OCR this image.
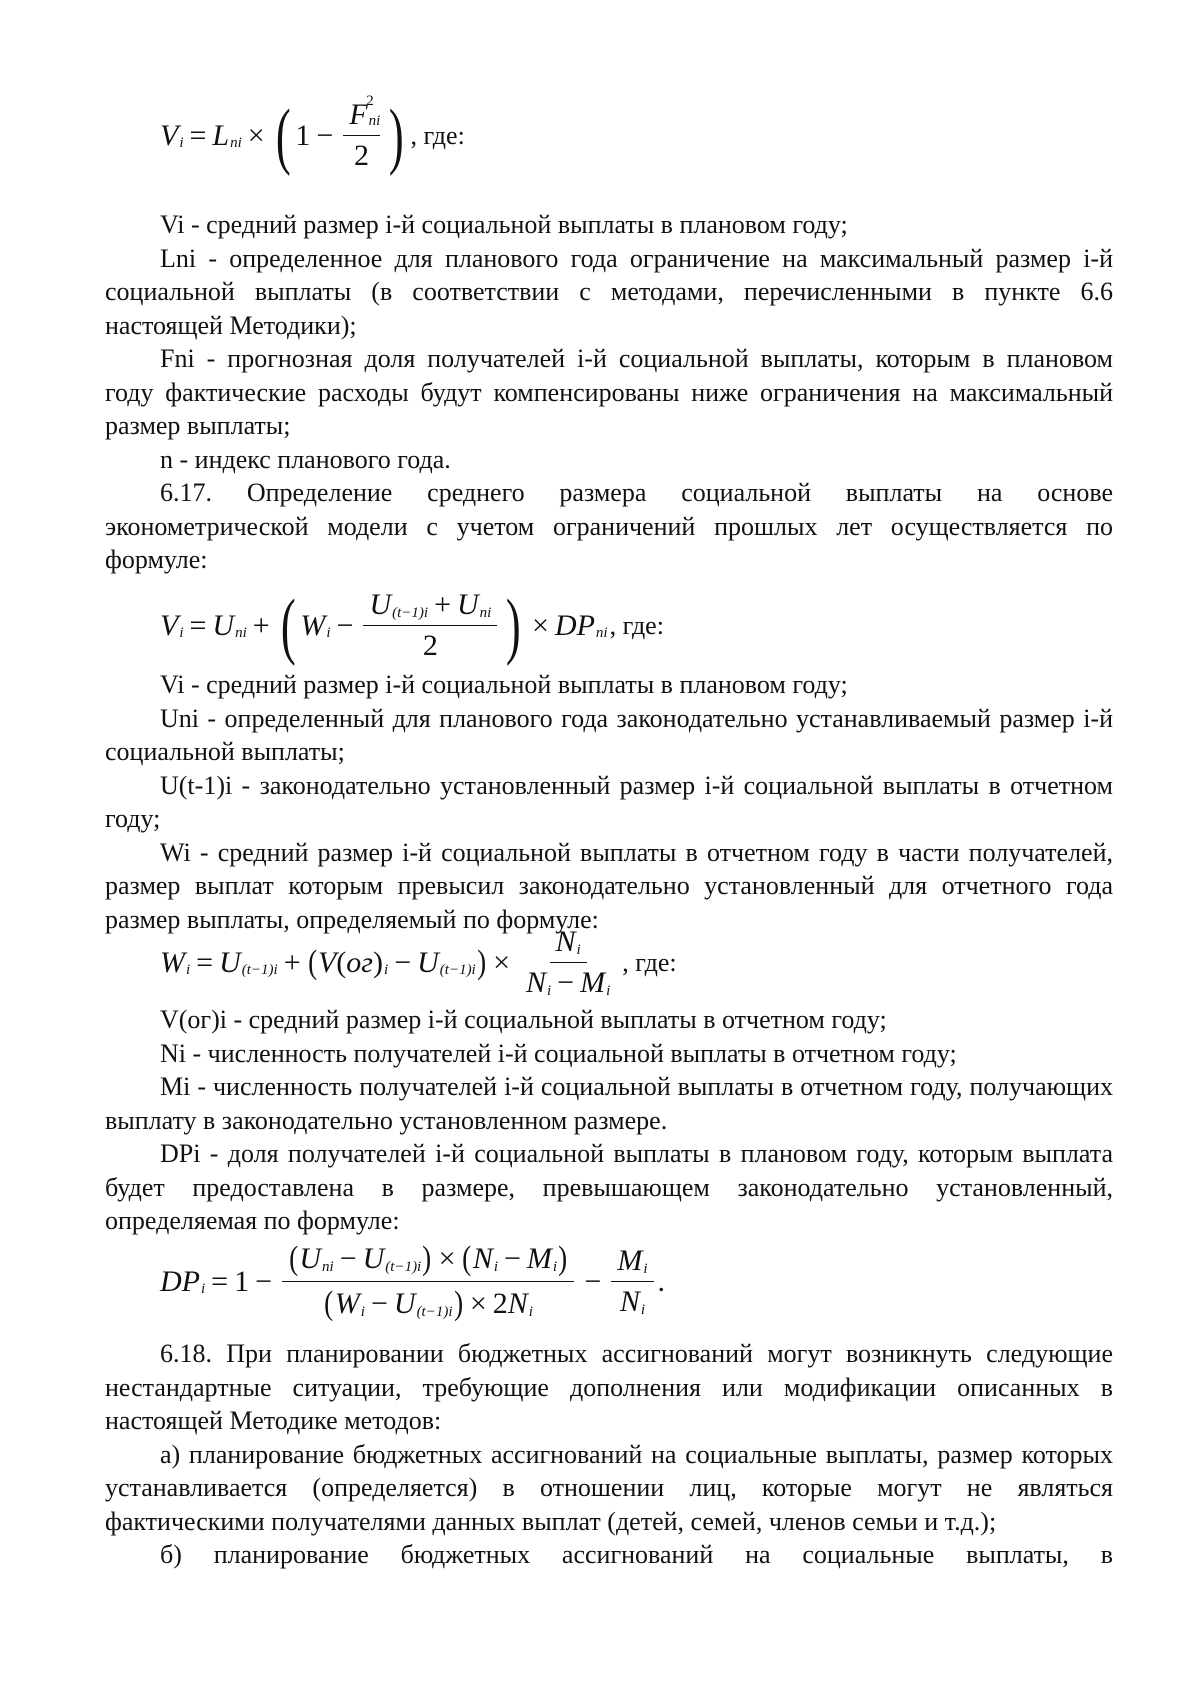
V i = L ni × ( 1 − F ni
2
2 ) , где:

Vi - средний размер i-й социальной выплаты в плановом году;

Lni - определенное для планового года ограничение на максимальный размер i-й социальной выплаты (в соответствии с методами, перечисленными в пункте 6.6 настоящей Методики);

Fni - прогнозная доля получателей i-й социальной выплаты, которым в плановом году фактические расходы будут компенсированы ниже ограничения на максимальный размер выплаты;

n - индекс планового года.

6.17. Определение среднего размера социальной выплаты на основе эконометрической модели с учетом ограничений прошлых лет осуществляется по формуле:

V i = U ni + ( W $i - \frac{\text{U (t−1)i + U ni}}{2}$ ) × DP ni , где:

Vi - средний размер i-й социальной выплаты в плановом году;

Uni - определенный для планового года законодательно устанавливаемый размер i-й социальной выплаты;

U(t-1)i - законодательно установленный размер i-й социальной выплаты в отчетном году;

Wi - средний размер i-й социальной выплаты в отчетном году в части получателей, размер выплат которым превысил законодательно установленный для отчетного года размер выплаты, определяемый по формуле:

W i = U (t−1)i + ( V ( ог ) i − U (t−1)i ) × $\frac{\text{N i}}{\text{N i − M i}}$ , где:

V(ог)i - средний размер i-й социальной выплаты в отчетном году;

Ni - численность получателей i-й социальной выплаты в отчетном году;

Mi - численность получателей i-й социальной выплаты в отчетном году, получающих выплату в законодательно установленном размере.

DPi - доля получателей i-й социальной выплаты в плановом году, которым выплата будет предоставлена в размере, превышающем законодательно установленный, определяемая по формуле:

DP $i = 1 - \frac{\text{( U ni − U (t−1)i ) × ( N i − M i )}}{\text{( W i − U (t−1)i ) × 2 N i}} - \frac{\text{M i}}{\text{N i}}$ .

6.18. При планировании бюджетных ассигнований могут возникнуть следующие нестандартные ситуации, требующие дополнения или модификации описанных в настоящей Методике методов:

а) планирование бюджетных ассигнований на социальные выплаты, размер которых устанавливается (определяется) в отношении лиц, которые могут не являться фактическими получателями данных выплат (детей, семей, членов семьи и т.д.);

б) планирование бюджетных ассигнований на социальные выплаты, в
